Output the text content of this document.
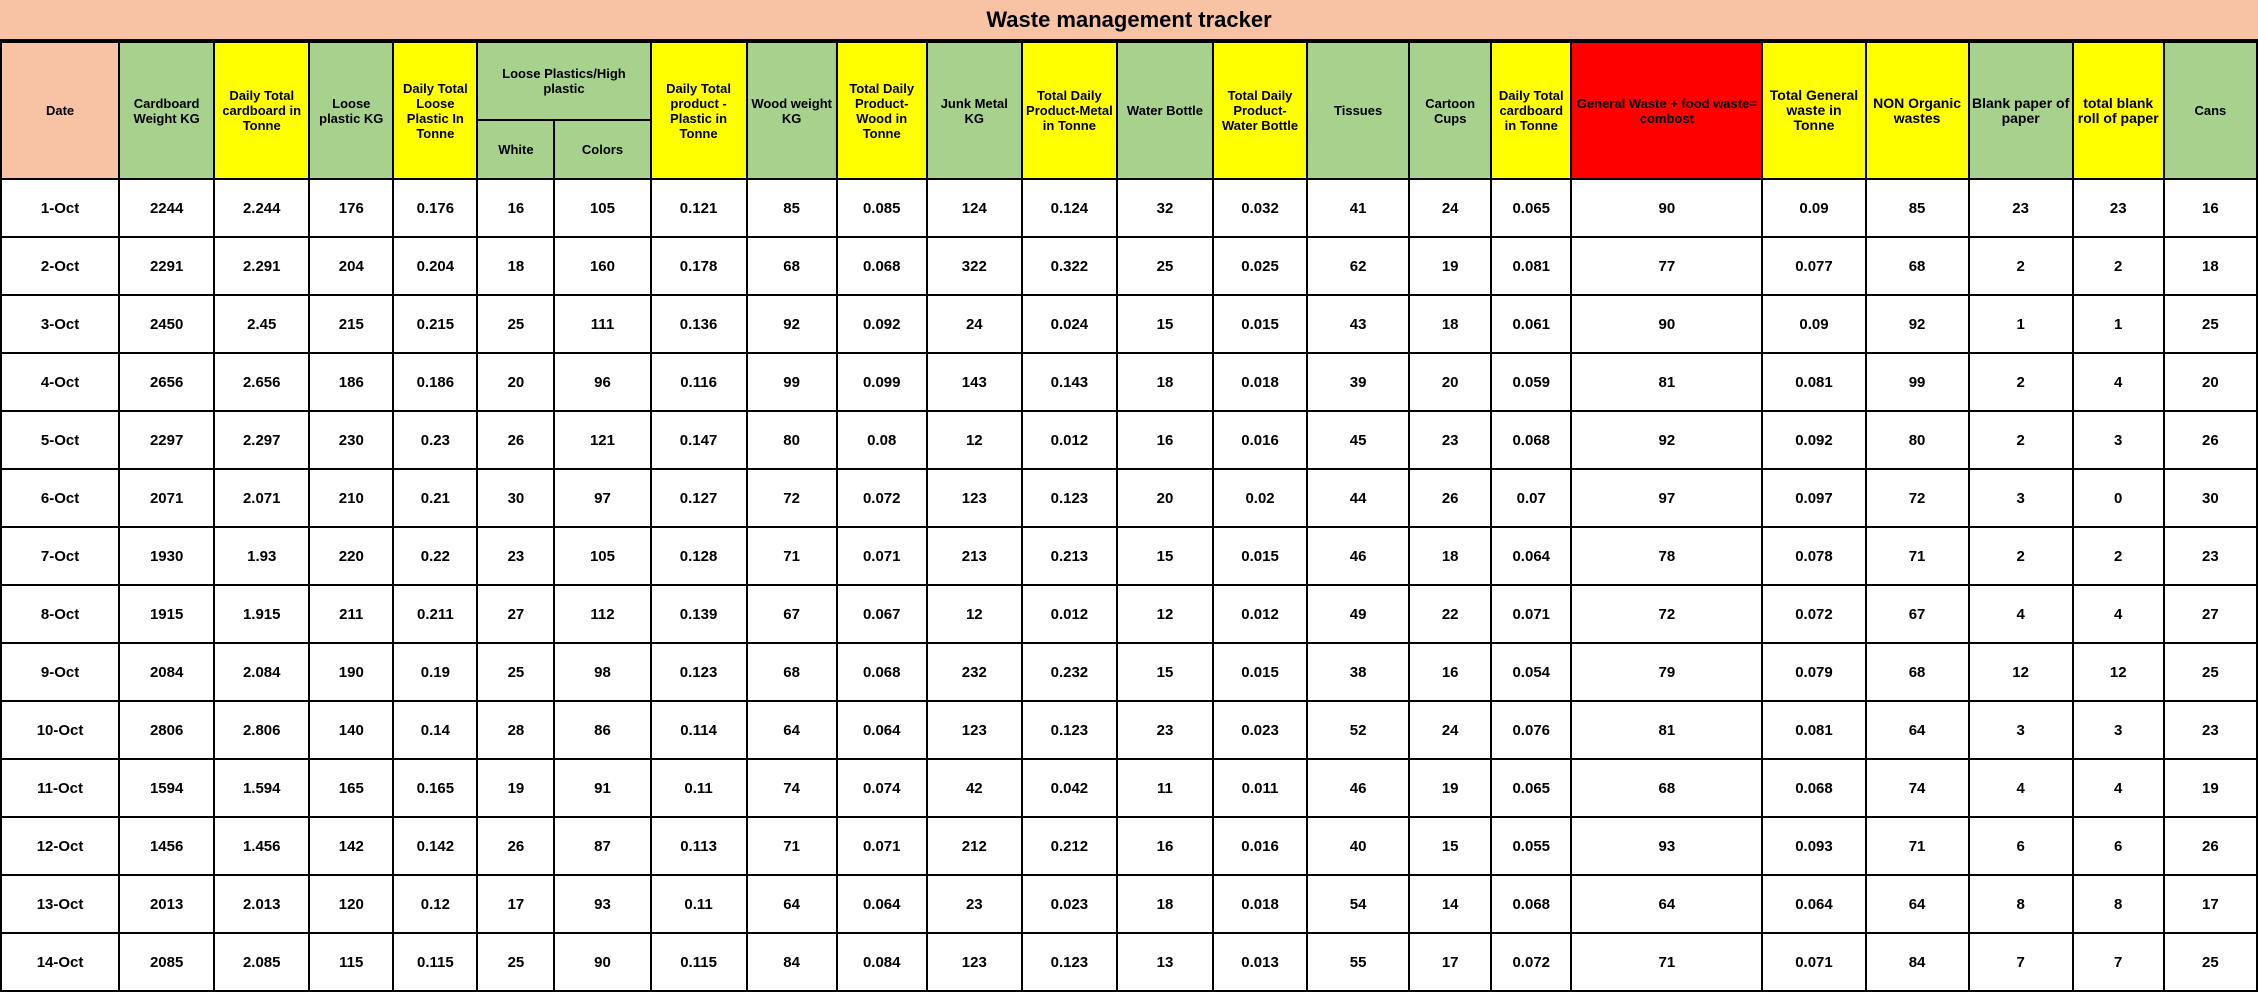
Waste management tracker
Date	Cardboard Weight KG	Daily Total cardboard in Tonne	Loose plastic KG	Daily Total Loose Plastic In Tonne	Loose Plastics/High plastic		Daily Total product - Plastic in Tonne	Wood weight KG	Total Daily Product-Wood in Tonne	Junk Metal KG	Total Daily Product-Metal in Tonne	Water Bottle	Total Daily Product-Water Bottle	Tissues	Cartoon Cups	Daily Total cardboard in Tonne	General Waste + food waste= combost	Total General waste in Tonne	NON Organic wastes	Blank paper of paper	total blank roll of paper	Cans
					White	Colors																
1-Oct	2244	2.244	176	0.176	16	105	0.121	85	0.085	124	0.124	32	0.032	41	24	0.065	90	0.09	85	23	23	16
2-Oct	2291	2.291	204	0.204	18	160	0.178	68	0.068	322	0.322	25	0.025	62	19	0.081	77	0.077	68	2	2	18
3-Oct	2450	2.45	215	0.215	25	111	0.136	92	0.092	24	0.024	15	0.015	43	18	0.061	90	0.09	92	1	1	25
4-Oct	2656	2.656	186	0.186	20	96	0.116	99	0.099	143	0.143	18	0.018	39	20	0.059	81	0.081	99	2	4	20
5-Oct	2297	2.297	230	0.23	26	121	0.147	80	0.08	12	0.012	16	0.016	45	23	0.068	92	0.092	80	2	3	26
6-Oct	2071	2.071	210	0.21	30	97	0.127	72	0.072	123	0.123	20	0.02	44	26	0.07	97	0.097	72	3	0	30
7-Oct	1930	1.93	220	0.22	23	105	0.128	71	0.071	213	0.213	15	0.015	46	18	0.064	78	0.078	71	2	2	23
8-Oct	1915	1.915	211	0.211	27	112	0.139	67	0.067	12	0.012	12	0.012	49	22	0.071	72	0.072	67	4	4	27
9-Oct	2084	2.084	190	0.19	25	98	0.123	68	0.068	232	0.232	15	0.015	38	16	0.054	79	0.079	68	12	12	25
10-Oct	2806	2.806	140	0.14	28	86	0.114	64	0.064	123	0.123	23	0.023	52	24	0.076	81	0.081	64	3	3	23
11-Oct	1594	1.594	165	0.165	19	91	0.11	74	0.074	42	0.042	11	0.011	46	19	0.065	68	0.068	74	4	4	19
12-Oct	1456	1.456	142	0.142	26	87	0.113	71	0.071	212	0.212	16	0.016	40	15	0.055	93	0.093	71	6	6	26
13-Oct	2013	2.013	120	0.12	17	93	0.11	64	0.064	23	0.023	18	0.018	54	14	0.068	64	0.064	64	8	8	17
14-Oct	2085	2.085	115	0.115	25	90	0.115	84	0.084	123	0.123	13	0.013	55	17	0.072	71	0.071	84	7	7	25
